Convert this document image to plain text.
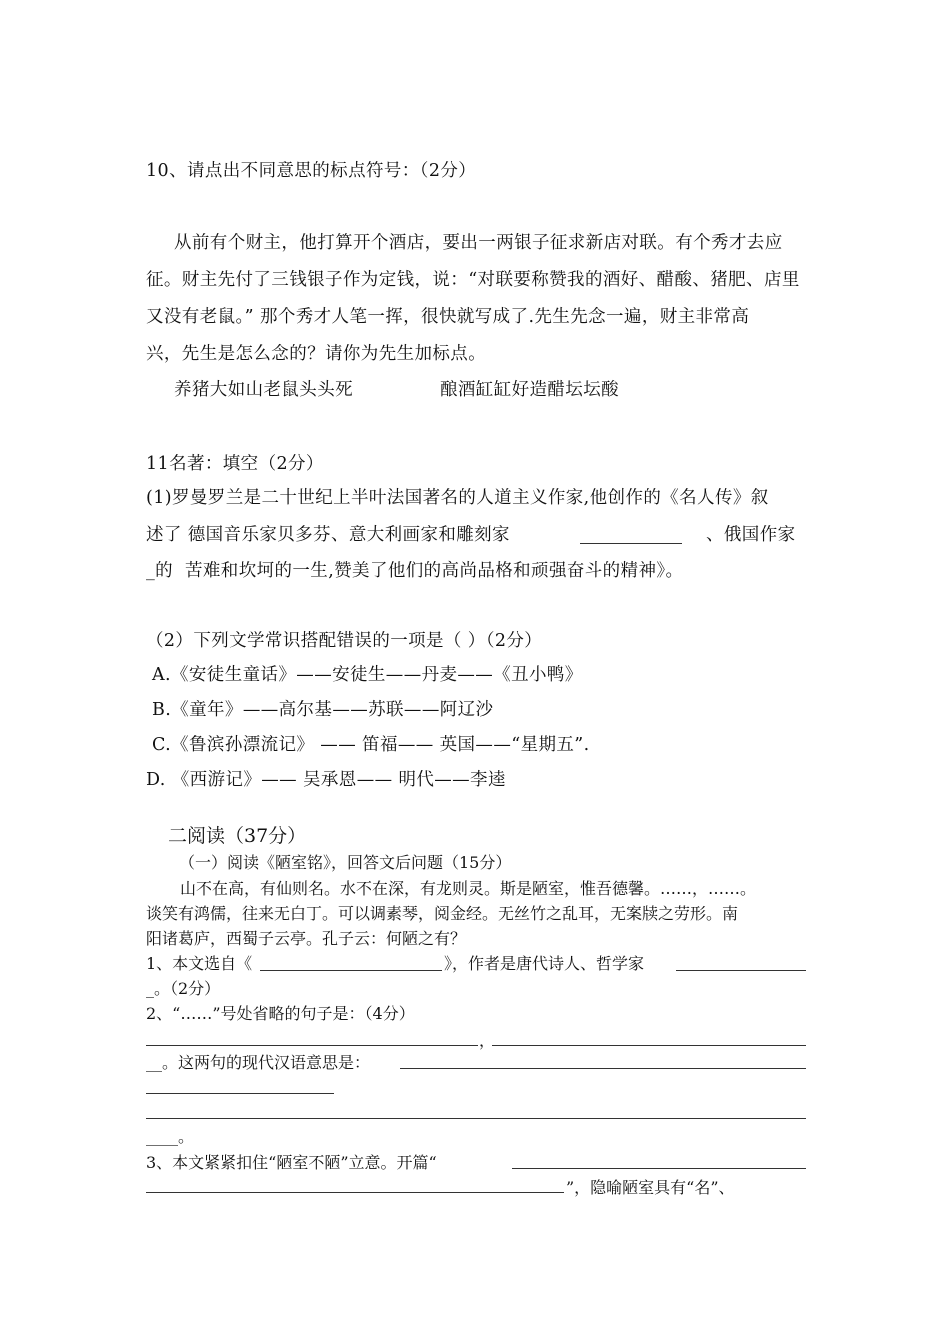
10、请点出不同意思的标点符号：（2分）
从前有个财主，他打算开个酒店，要出一两银子征求新店对联。有个秀才去应
征。财主先付了三钱银子作为定钱，说：“对联要称赞我的酒好、醋酸、猪肥、店里
又没有老鼠。” 那个秀才人笔一挥，很快就写成了.先生先念一遍，财主非常高
兴，先生是怎么念的？请你为先生加标点。
养猪大如山老鼠头头死	酿酒缸缸好造醋坛坛酸
11名著：填空（2分）
(1)罗曼罗兰是二十世纪上半叶法国著名的人道主义作家,他创作的《名人传》叙
述了 德国音乐家贝多芬、意大利画家和雕刻家	、俄国作家
_的 苦难和坎坷的一生,赞美了他们的高尚品格和顽强奋斗的精神》。
（2）下列文学常识搭配错误的一项是（ ）（2分）
A.《安徒生童话》——安徒生——丹麦——《丑小鸭》
B.《童年》——高尔基——苏联——阿辽沙
C.《鲁滨孙漂流记》 —— 笛福—— 英国——“星期五”.
D. 《西游记》—— 吴承恩—— 明代——李逵
二阅读（37分）
（一）阅读《陋室铭》，回答文后问题（15分）
山不在高，有仙则名。水不在深，有龙则灵。斯是陋室，惟吾德馨。……，……。
谈笑有鸿儒，往来无白丁。可以调素琴，阅金经。无丝竹之乱耳，无案牍之劳形。南
阳诸葛庐，西蜀子云亭。孔子云：何陋之有？
1、本文选自《	》，作者是唐代诗人、哲学家
_。（2分）
2、“……”号处省略的句子是：（4分）
，
__。这两句的现代汉语意思是：
____。
3、本文紧紧扣住“陋室不陋”立意。开篇“
”，隐喻陋室具有“名”、
